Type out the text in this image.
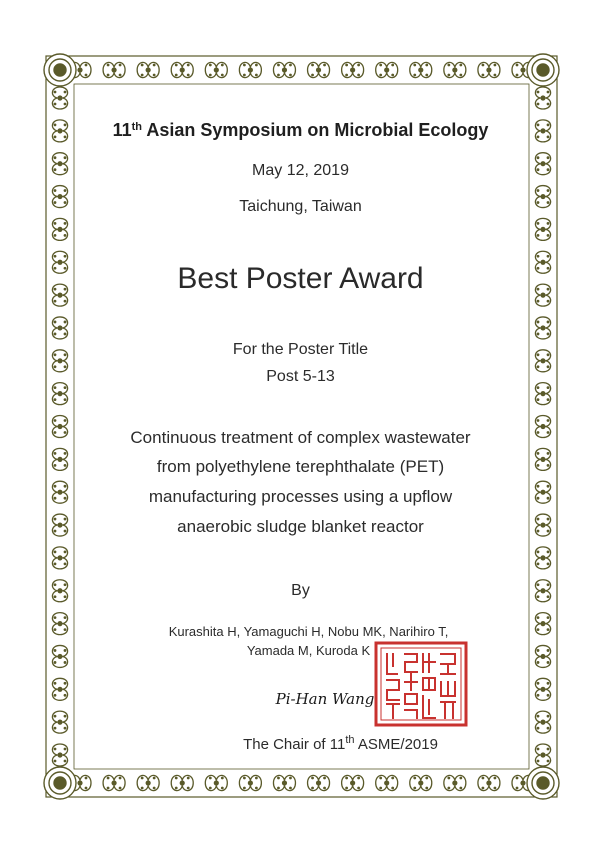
11th Asian Symposium on Microbial Ecology
May 12, 2019
Taichung, Taiwan
Best Poster Award
For the Poster Title
Post 5-13
Continuous treatment of complex wastewater
from polyethylene terephthalate (PET)
manufacturing processes using a upflow
anaerobic sludge blanket reactor
By
Kurashita H, Yamaguchi H, Nobu MK, Narihiro T,
Yamada M, Kuroda K
Pi-Han Wang
The Chair of 11th ASME/2019
